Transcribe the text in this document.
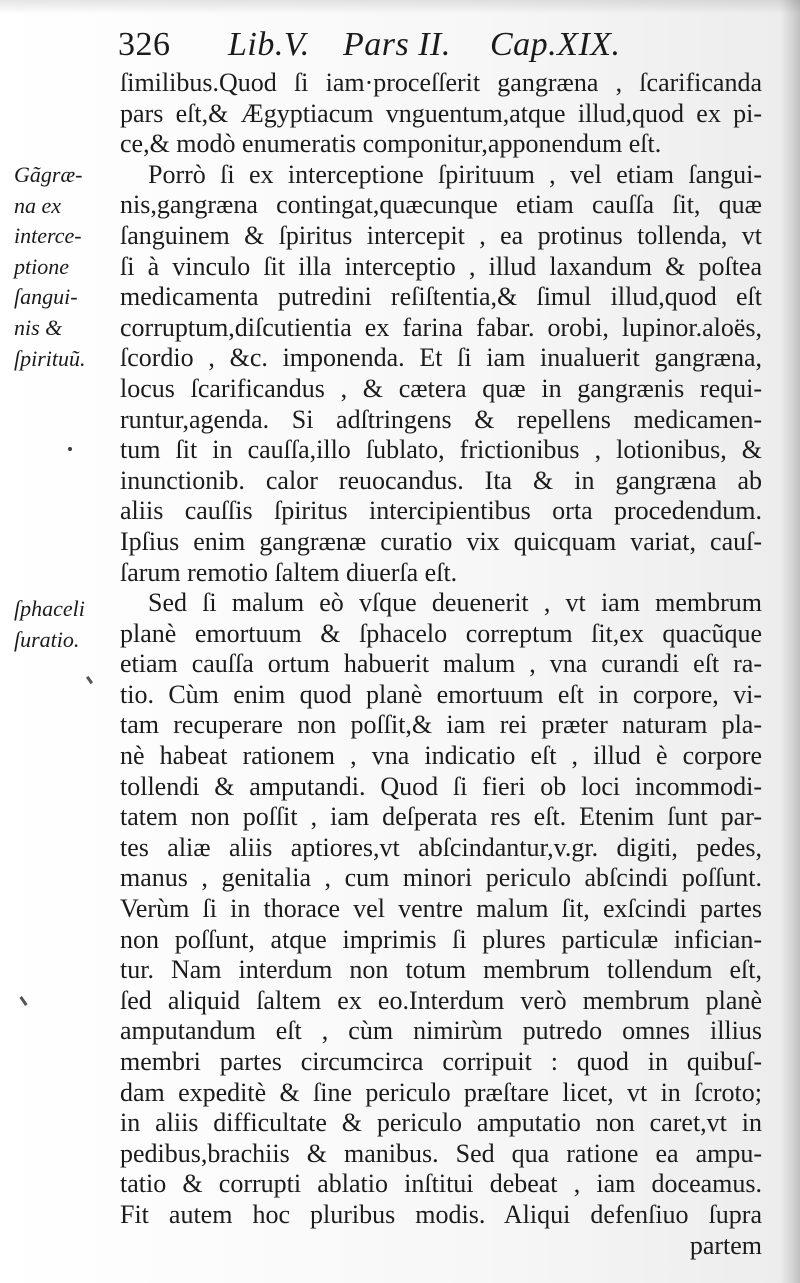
326 Lib.V. Pars II. Cap.XIX.
Gãgræ-
na ex
interce-
ptione
ſangui-
nis &
ſpirituũ.
ſphaceli
ſuratio.
ſimilibus.Quod ſi iam·proceſſerit gangræna , ſcarificanda
pars eſt,& Ægyptiacum vnguentum,atque illud,quod ex pi-
ce,& modò enumeratis componitur,apponendum eſt.
Porrò ſi ex interceptione ſpirituum , vel etiam ſangui-
nis,gangræna contingat,quæcunque etiam cauſſa ſit, quæ
ſanguinem & ſpiritus intercepit , ea protinus tollenda, vt
ſi à vinculo ſit illa interceptio , illud laxandum & poſtea
medicamenta putredini reſiſtentia,& ſimul illud,quod eſt
corruptum,diſcutientia ex farina fabar. orobi, lupinor.aloës,
ſcordio , &c. imponenda. Et ſi iam inualuerit gangræna,
locus ſcarificandus , & cætera quæ in gangrænis requi-
runtur,agenda. Si adſtringens & repellens medicamen-
tum ſit in cauſſa,illo ſublato, frictionibus , lotionibus, &
inunctionib. calor reuocandus. Ita & in gangræna ab
aliis cauſſis ſpiritus intercipientibus orta procedendum.
Ipſius enim gangrænæ curatio vix quicquam variat, cauſ-
ſarum remotio ſaltem diuerſa eſt.
Sed ſi malum eò vſque deuenerit , vt iam membrum
planè emortuum & ſphacelo correptum ſit,ex quacũque
etiam cauſſa ortum habuerit malum , vna curandi eſt ra-
tio. Cùm enim quod planè emortuum eſt in corpore, vi-
tam recuperare non poſſit,& iam rei præter naturam pla-
nè habeat rationem , vna indicatio eſt , illud è corpore
tollendi & amputandi. Quod ſi fieri ob loci incommodi-
tatem non poſſit , iam deſperata res eſt. Etenim ſunt par-
tes aliæ aliis aptiores,vt abſcindantur,v.gr. digiti, pedes,
manus , genitalia , cum minori periculo abſcindi poſſunt.
Verùm ſi in thorace vel ventre malum ſit, exſcindi partes
non poſſunt, atque imprimis ſi plures particulæ infician-
tur. Nam interdum non totum membrum tollendum eſt,
ſed aliquid ſaltem ex eo.Interdum verò membrum planè
amputandum eſt , cùm nimirùm putredo omnes illius
membri partes circumcirca corripuit : quod in quibuſ-
dam expeditè & ſine periculo præſtare licet, vt in ſcroto;
in aliis difficultate & periculo amputatio non caret,vt in
pedibus,brachiis & manibus. Sed qua ratione ea ampu-
tatio & corrupti ablatio inſtitui debeat , iam doceamus.
Fit autem hoc pluribus modis. Aliqui defenſiuo ſupra
partem
